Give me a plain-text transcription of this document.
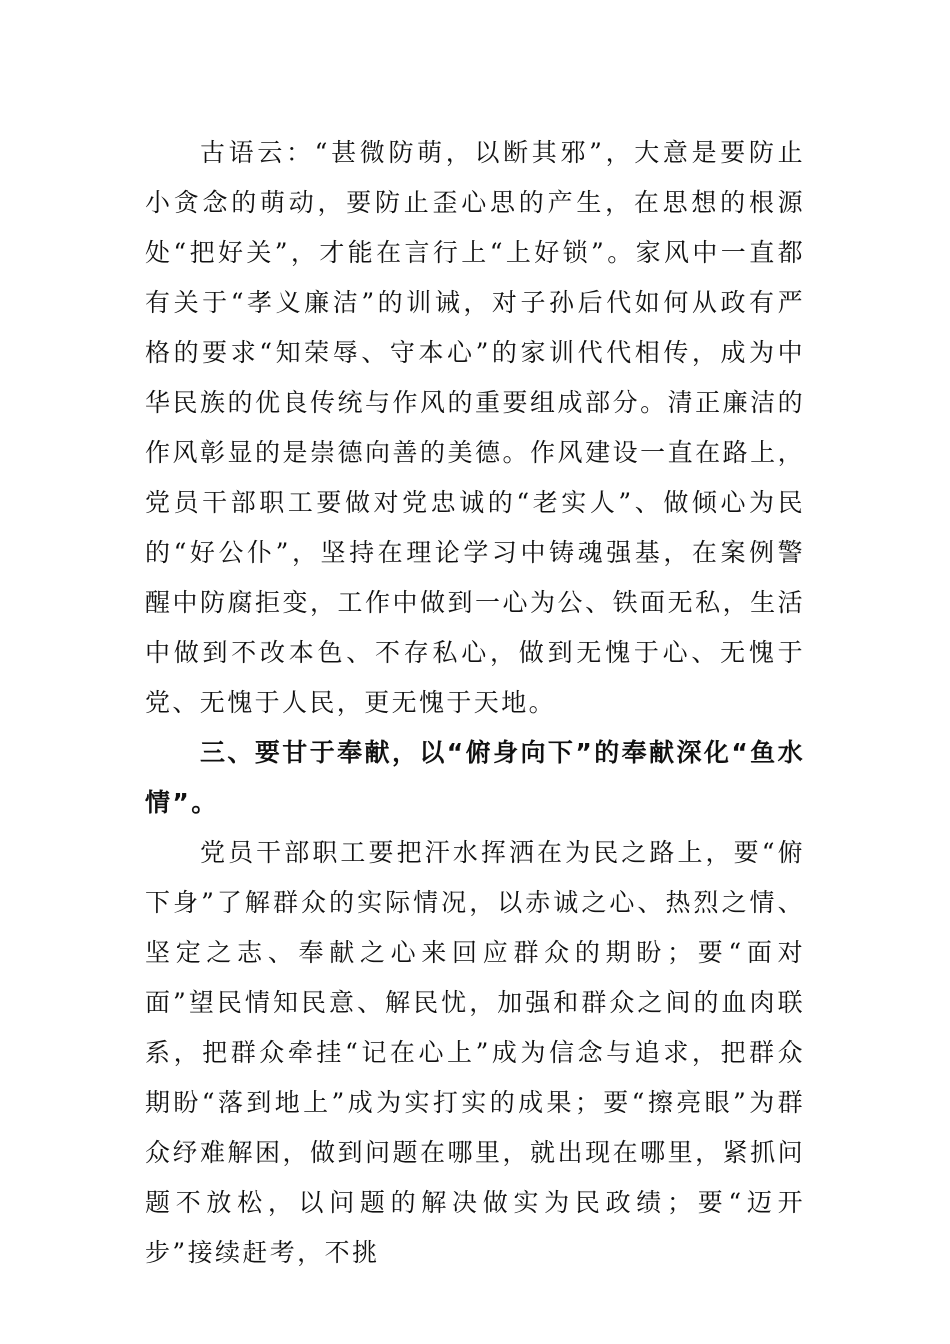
古语云：“甚微防萌，以断其邪”，大意是要防止小贪念的萌动，要防止歪心思的产生，在思想的根源处“把好关”，才能在言行上“上好锁”。家风中一直都有关于“孝义廉洁”的训诫，对子孙后代如何从政有严格的要求“知荣辱、守本心”的家训代代相传，成为中华民族的优良传统与作风的重要组成部分。清正廉洁的作风彰显的是崇德向善的美德。作风建设一直在路上，党员干部职工要做对党忠诚的“老实人”、做倾心为民的“好公仆”，坚持在理论学习中铸魂强基，在案例警醒中防腐拒变，工作中做到一心为公、铁面无私，生活中做到不改本色、不存私心，做到无愧于心、无愧于党、无愧于人民，更无愧于天地。

三、要甘于奉献，以“俯身向下”的奉献深化“鱼水情”。

党员干部职工要把汗水挥洒在为民之路上，要“俯下身”了解群众的实际情况，以赤诚之心、热烈之情、坚定之志、奉献之心来回应群众的期盼；要“面对面”望民情知民意、解民忧，加强和群众之间的血肉联系，把群众牵挂“记在心上”成为信念与追求，把群众期盼“落到地上”成为实打实的成果；要“擦亮眼”为群众纾难解困，做到问题在哪里，就出现在哪里，紧抓问题不放松，以问题的解决做实为民政绩；要“迈开步”接续赶考，不挑
